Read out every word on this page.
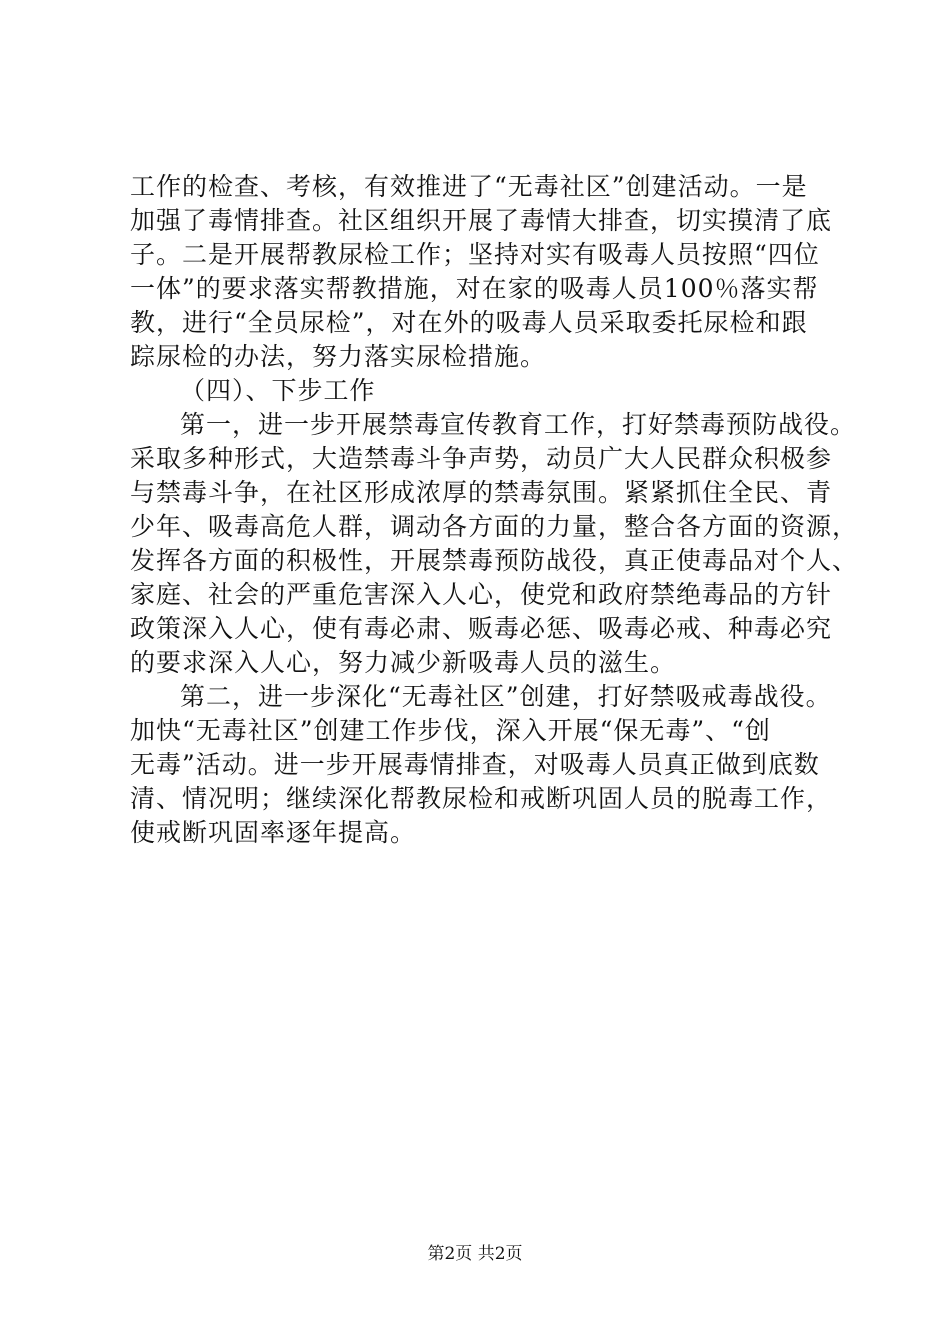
工作的检查、考核，有效推进了“无毒社区”创建活动。一是
加强了毒情排查。社区组织开展了毒情大排查，切实摸清了底
子。二是开展帮教尿检工作；坚持对实有吸毒人员按照“四位
一体”的要求落实帮教措施，对在家的吸毒人员100％落实帮
教，进行“全员尿检”，对在外的吸毒人员采取委托尿检和跟
踪尿检的办法，努力落实尿检措施。
（四）、下步工作
第一，进一步开展禁毒宣传教育工作，打好禁毒预防战役。
采取多种形式，大造禁毒斗争声势，动员广大人民群众积极参
与禁毒斗争，在社区形成浓厚的禁毒氛围。紧紧抓住全民、青
少年、吸毒高危人群，调动各方面的力量，整合各方面的资源，
发挥各方面的积极性，开展禁毒预防战役，真正使毒品对个人、
家庭、社会的严重危害深入人心，使党和政府禁绝毒品的方针
政策深入人心，使有毒必肃、贩毒必惩、吸毒必戒、种毒必究
的要求深入人心，努力减少新吸毒人员的滋生。
第二，进一步深化“无毒社区”创建，打好禁吸戒毒战役。
加快“无毒社区”创建工作步伐，深入开展“保无毒”、“创
无毒”活动。进一步开展毒情排查，对吸毒人员真正做到底数
清、情况明；继续深化帮教尿检和戒断巩固人员的脱毒工作，
使戒断巩固率逐年提高。
第2页 共2页
